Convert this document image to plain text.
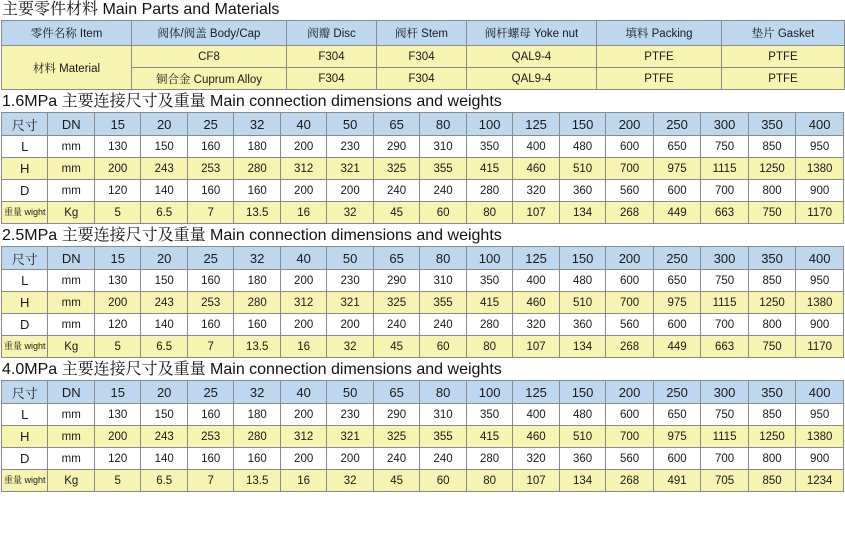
主要零件材料 Main Parts and Materials
零件名称 Item	阀体/阀盖 Body/Cap	阀瓣 Disc	阀杆 Stem	阀杆螺母 Yoke nut	填料 Packing	垫片 Gasket
材料 Material	CF8	F304	F304	QAL9-4	PTFE	PTFE
	铜合金 Cuprum Alloy	F304	F304	QAL9-4	PTFE	PTFE
1.6MPa 主要连接尺寸及重量 Main connection dimensions and weights
尺寸	DN	15	20	25	32	40	50	65	80	100	125	150	200	250	300	350	400
L	mm	130	150	160	180	200	230	290	310	350	400	480	600	650	750	850	950
H	mm	200	243	253	280	312	321	325	355	415	460	510	700	975	1115	1250	1380
D	mm	120	140	160	160	200	200	240	240	280	320	360	560	600	700	800	900
重量 wight	Kg	5	6.5	7	13.5	16	32	45	60	80	107	134	268	449	663	750	1170
2.5MPa 主要连接尺寸及重量 Main connection dimensions and weights
尺寸	DN	15	20	25	32	40	50	65	80	100	125	150	200	250	300	350	400
L	mm	130	150	160	180	200	230	290	310	350	400	480	600	650	750	850	950
H	mm	200	243	253	280	312	321	325	355	415	460	510	700	975	1115	1250	1380
D	mm	120	140	160	160	200	200	240	240	280	320	360	560	600	700	800	900
重量 wight	Kg	5	6.5	7	13.5	16	32	45	60	80	107	134	268	449	663	750	1170
4.0MPa 主要连接尺寸及重量 Main connection dimensions and weights
尺寸	DN	15	20	25	32	40	50	65	80	100	125	150	200	250	300	350	400
L	mm	130	150	160	180	200	230	290	310	350	400	480	600	650	750	850	950
H	mm	200	243	253	280	312	321	325	355	415	460	510	700	975	1115	1250	1380
D	mm	120	140	160	160	200	200	240	240	280	320	360	560	600	700	800	900
重量 wight	Kg	5	6.5	7	13.5	16	32	45	60	80	107	134	268	491	705	850	1234
